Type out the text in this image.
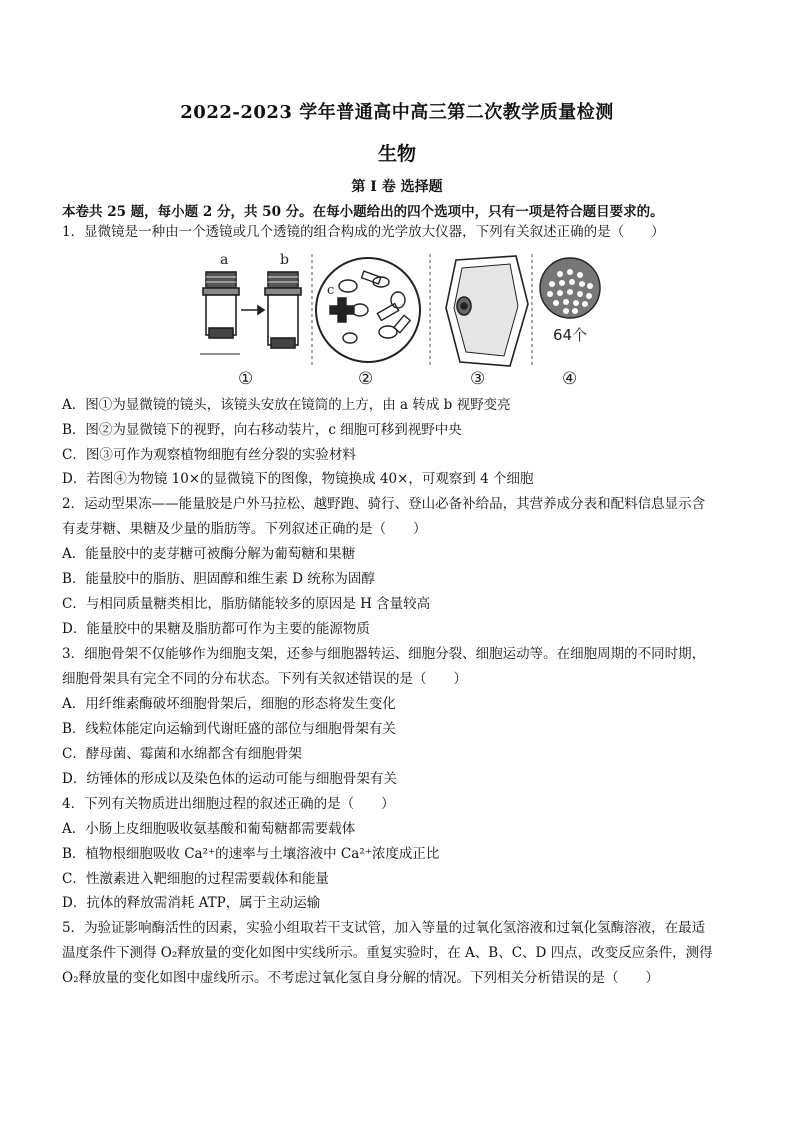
2022-2023 学年普通高中高三第二次教学质量检测
生物
第 I 卷 选择题
本卷共 25 题，每小题 2 分，共 50 分。在每小题给出的四个选项中，只有一项是符合题目要求的。
1．显微镜是一种由一个透镜或几个透镜的组合构成的光学放大仪器，下列有关叙述正确的是（　　）
a	b
c
64个
①	②	③	④
A．图①为显微镜的镜头，该镜头安放在镜筒的上方，由 a 转成 b 视野变亮
B．图②为显微镜下的视野，向右移动装片，c 细胞可移到视野中央
C．图③可作为观察植物细胞有丝分裂的实验材料
D．若图④为物镜 10×的显微镜下的图像，物镜换成 40×，可观察到 4 个细胞
2．运动型果冻——能量胶是户外马拉松、越野跑、骑行、登山必备补给品，其营养成分表和配料信息显示含
有麦芽糖、果糖及少量的脂肪等。下列叙述正确的是（　　）
A．能量胶中的麦芽糖可被酶分解为葡萄糖和果糖
B．能量胶中的脂肪、胆固醇和维生素 D 统称为固醇
C．与相同质量糖类相比，脂肪储能较多的原因是 H 含量较高
D．能量胶中的果糖及脂肪都可作为主要的能源物质
3．细胞骨架不仅能够作为细胞支架，还参与细胞器转运、细胞分裂、细胞运动等。在细胞周期的不同时期，
细胞骨架具有完全不同的分布状态。下列有关叙述错误的是（　　）
A．用纤维素酶破坏细胞骨架后，细胞的形态将发生变化
B．线粒体能定向运输到代谢旺盛的部位与细胞骨架有关
C．酵母菌、霉菌和水绵都含有细胞骨架
D．纺锤体的形成以及染色体的运动可能与细胞骨架有关
4．下列有关物质进出细胞过程的叙述正确的是（　　）
A．小肠上皮细胞吸收氨基酸和葡萄糖都需要载体
B．植物根细胞吸收 Ca²⁺的速率与土壤溶液中 Ca²⁺浓度成正比
C．性激素进入靶细胞的过程需要载体和能量
D．抗体的释放需消耗 ATP，属于主动运输
5．为验证影响酶活性的因素，实验小组取若干支试管，加入等量的过氧化氢溶液和过氧化氢酶溶液，在最适
温度条件下测得 O₂释放量的变化如图中实线所示。重复实验时，在 A、B、C、D 四点，改变反应条件，测得
O₂释放量的变化如图中虚线所示。不考虑过氧化氢自身分解的情况。下列相关分析错误的是（　　）
